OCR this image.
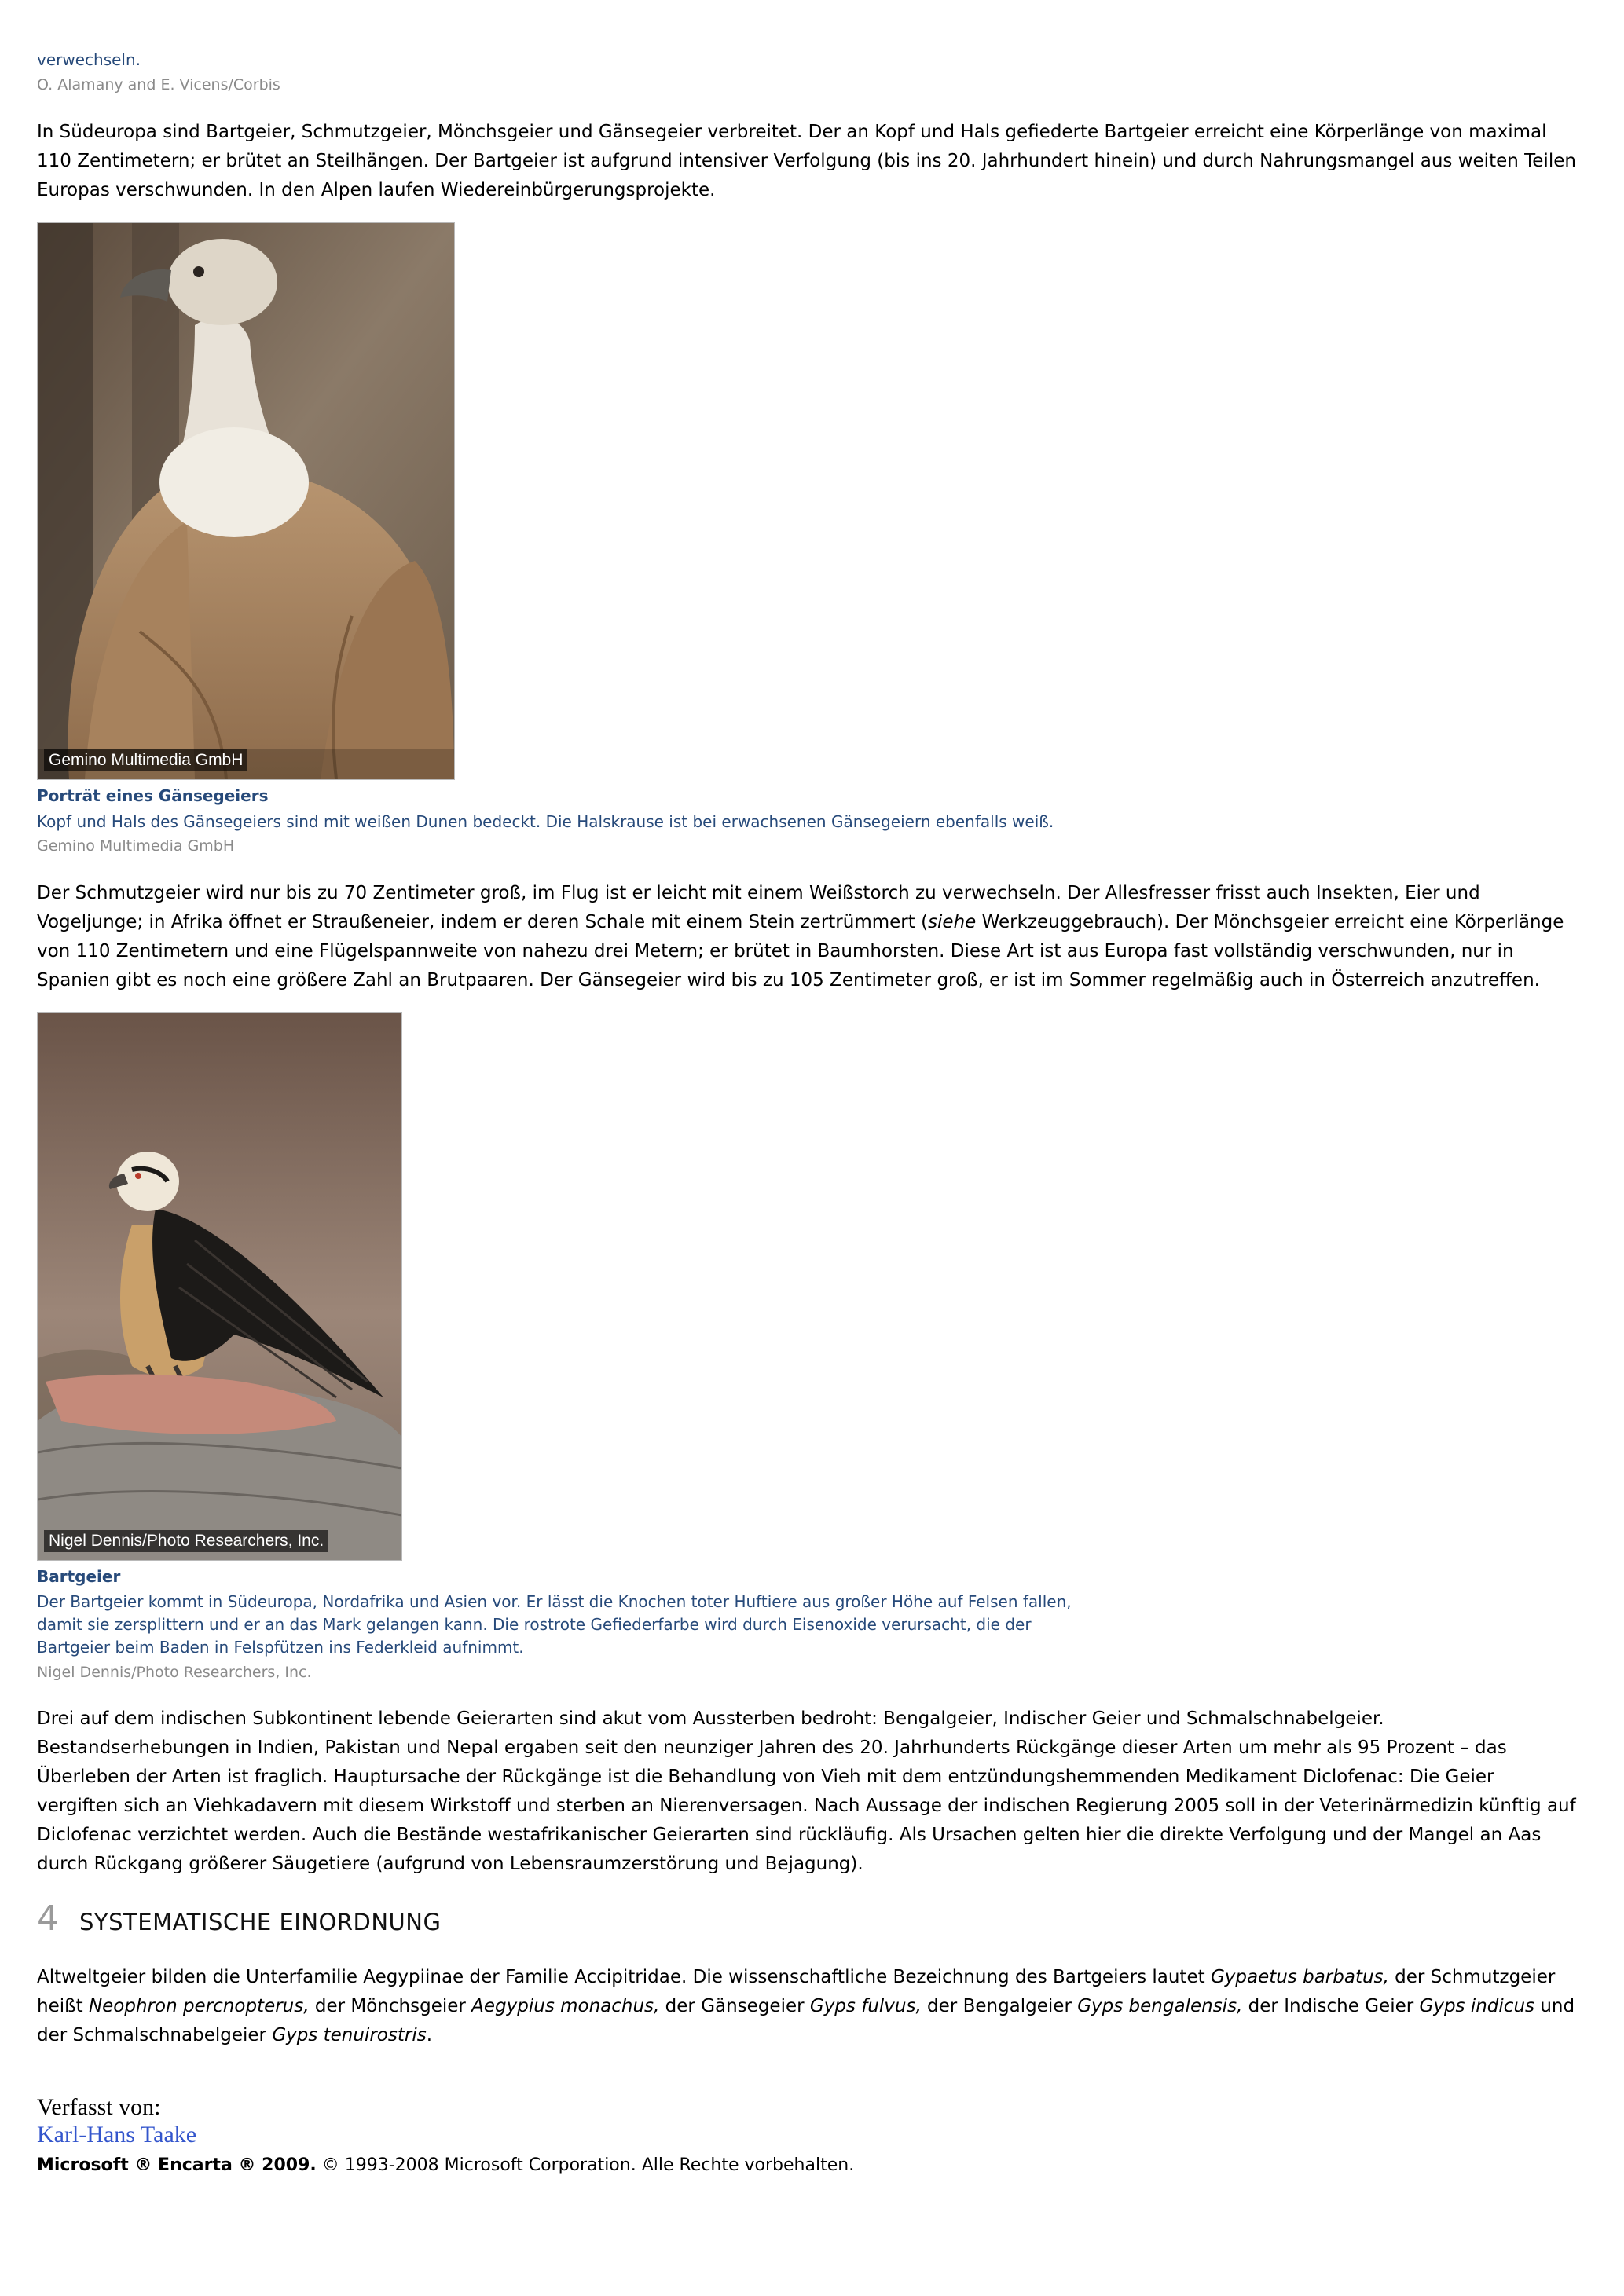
verwechseln.
O. Alamany and E. Vicens/Corbis
In Südeuropa sind Bartgeier, Schmutzgeier, Mönchsgeier und Gänsegeier verbreitet. Der an Kopf und Hals gefiederte Bartgeier erreicht eine Körperlänge von maximal 110 Zentimetern; er brütet an Steilhängen. Der Bartgeier ist aufgrund intensiver Verfolgung (bis ins 20. Jahrhundert hinein) und durch Nahrungsmangel aus weiten Teilen Europas verschwunden. In den Alpen laufen Wiedereinbürgerungsprojekte.
Gemino Multimedia GmbH
Porträt eines Gänsegeiers
Kopf und Hals des Gänsegeiers sind mit weißen Dunen bedeckt. Die Halskrause ist bei erwachsenen Gänsegeiern ebenfalls weiß.
Gemino Multimedia GmbH
Der Schmutzgeier wird nur bis zu 70 Zentimeter groß, im Flug ist er leicht mit einem Weißstorch zu verwechseln. Der Allesfresser frisst auch Insekten, Eier und Vogeljunge; in Afrika öffnet er Straußeneier, indem er deren Schale mit einem Stein zertrümmert (siehe Werkzeuggebrauch). Der Mönchsgeier erreicht eine Körperlänge von 110 Zentimetern und eine Flügelspannweite von nahezu drei Metern; er brütet in Baumhorsten. Diese Art ist aus Europa fast vollständig verschwunden, nur in Spanien gibt es noch eine größere Zahl an Brutpaaren. Der Gänsegeier wird bis zu 105 Zentimeter groß, er ist im Sommer regelmäßig auch in Österreich anzutreffen.
Nigel Dennis/Photo Researchers, Inc.
Bartgeier
Der Bartgeier kommt in Südeuropa, Nordafrika und Asien vor. Er lässt die Knochen toter Huftiere aus großer Höhe auf Felsen fallen,
damit sie zersplittern und er an das Mark gelangen kann. Die rostrote Gefiederfarbe wird durch Eisenoxide verursacht, die der
Bartgeier beim Baden in Felspfützen ins Federkleid aufnimmt.
Nigel Dennis/Photo Researchers, Inc.
Drei auf dem indischen Subkontinent lebende Geierarten sind akut vom Aussterben bedroht: Bengalgeier, Indischer Geier und Schmalschnabelgeier. Bestandserhebungen in Indien, Pakistan und Nepal ergaben seit den neunziger Jahren des 20. Jahrhunderts Rückgänge dieser Arten um mehr als 95 Prozent – das Überleben der Arten ist fraglich. Hauptursache der Rückgänge ist die Behandlung von Vieh mit dem entzündungshemmenden Medikament Diclofenac: Die Geier vergiften sich an Viehkadavern mit diesem Wirkstoff und sterben an Nierenversagen. Nach Aussage der indischen Regierung 2005 soll in der Veterinärmedizin künftig auf Diclofenac verzichtet werden. Auch die Bestände westafrikanischer Geierarten sind rückläufig. Als Ursachen gelten hier die direkte Verfolgung und der Mangel an Aas durch Rückgang größerer Säugetiere (aufgrund von Lebensraumzerstörung und Bejagung).
4 SYSTEMATISCHE EINORDNUNG
Altweltgeier bilden die Unterfamilie Aegypiinae der Familie Accipitridae. Die wissenschaftliche Bezeichnung des Bartgeiers lautet Gypaetus barbatus, der Schmutzgeier heißt Neophron percnopterus, der Mönchsgeier Aegypius monachus, der Gänsegeier Gyps fulvus, der Bengalgeier Gyps bengalensis, der Indische Geier Gyps indicus und der Schmalschnabelgeier Gyps tenuirostris.
Verfasst von:
Karl-Hans Taake
Microsoft ® Encarta ® 2009. © 1993-2008 Microsoft Corporation. Alle Rechte vorbehalten.
